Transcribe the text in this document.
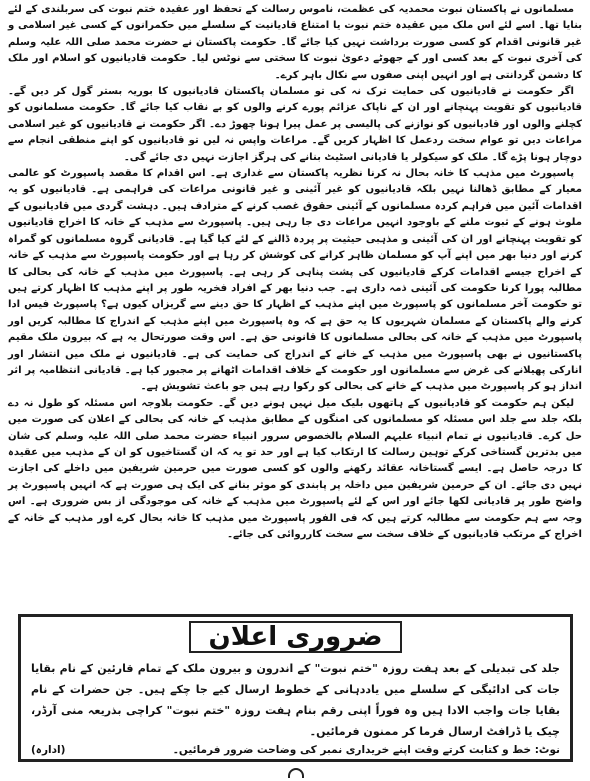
مسلمانوں نے پاکستان نبوت محمدیہ کی عظمت، ناموس رسالت کے تحفظ اور عقیدہ ختم نبوت کی سربلندی کے لئے بنایا تھا۔ اسے لئے اس ملک میں عقیدہ ختم نبوت یا امتناع قادیانیت کے سلسلے میں حکمرانوں کے کسی غیر اسلامی و غیر قانونی اقدام کو کسی صورت برداشت نہیں کیا جائے گا۔ حکومت پاکستان نے حضرت محمد صلی اللہ علیہ وسلم کی آخری نبوت کے بعد کسی اور کے جھوٹے دعویٰ نبوت کا سختی سے نوٹس لیا۔ حکومت قادیانیوں کو اسلام اور ملک کا دشمن گردانتی ہے اور انہیں اپنی صفوں سے نکال باہر کرے۔

اگر حکومت نے قادیانیوں کی حمایت ترک نہ کی تو مسلمان پاکستان قادیانیوں کا بوریہ بستر گول کر دیں گے۔ قادیانیوں کو تقویت پہنچانے اور ان کے ناپاک عزائم پورے کرنے والوں کو بے نقاب کیا جائے گا۔ حکومت مسلمانوں کو کچلنے والوں اور قادیانیوں کو نوازنے کی پالیسی پر عمل پیرا ہونا چھوڑ دے۔ اگر حکومت نے قادیانیوں کو غیر اسلامی مراعات دیں تو عوام سخت ردعمل کا اظہار کریں گے۔ مراعات واپس نہ لیں تو قادیانیوں کو اپنے منطقی انجام سے دوچار ہونا پڑے گا۔ ملک کو سیکولر یا قادیانی اسٹیٹ بنانے کی ہرگز اجازت نہیں دی جائے گی۔

پاسپورٹ میں مذہب کا خانہ بحال نہ کرنا نظریہ پاکستان سے غداری ہے۔ اس اقدام کا مقصد پاسپورٹ کو عالمی معیار کے مطابق ڈھالنا نہیں بلکہ قادیانیوں کو غیر آئینی و غیر قانونی مراعات کی فراہمی ہے۔ قادیانیوں کو یہ اقدامات آئین میں فراہم کردہ مسلمانوں کے آئینی حقوق غصب کرنے کے مترادف ہیں۔ دہشت گردی میں قادیانیوں کے ملوث ہونے کے ثبوت ملنے کے باوجود انہیں مراعات دی جا رہی ہیں۔ پاسپورٹ سے مذہب کے خانہ کا اخراج قادیانیوں کو تقویت پہنچانے اور ان کی آئینی و مذہبی حیثیت پر پردہ ڈالنے کے لئے کیا گیا ہے۔ قادیانی گروہ مسلمانوں کو گمراہ کرنے اور دنیا بھر میں اپنے آپ کو مسلمان ظاہر کرانے کی کوشش کر رہا ہے اور حکومت پاسپورٹ سے مذہب کے خانہ کے اخراج جیسے اقدامات کرکے قادیانیوں کی پشت پناہی کر رہی ہے۔ پاسپورٹ میں مذہب کے خانہ کی بحالی کا مطالبہ پورا کرنا حکومت کی آئینی ذمہ داری ہے۔ جب دنیا بھر کے افراد فخریہ طور پر اپنے مذہب کا اظہار کرتے ہیں تو حکومت آخر مسلمانوں کو پاسپورٹ میں اپنے مذہب کے اظہار کا حق دینے سے گریزاں کیوں ہے؟ پاسپورٹ فیس ادا کرنے والے پاکستان کے مسلمان شہریوں کا یہ حق ہے کہ وہ پاسپورٹ میں اپنے مذہب کے اندراج کا مطالبہ کریں اور پاسپورٹ میں مذہب کے خانہ کی بحالی مسلمانوں کا قانونی حق ہے۔ اس وقت صورتحال یہ ہے کہ بیرون ملک مقیم پاکستانیوں نے بھی پاسپورٹ میں مذہب کے خانے کے اندراج کی حمایت کی ہے۔ قادیانیوں نے ملک میں انتشار اور انارکی پھیلانے کی غرض سے مسلمانوں اور حکومت کے خلاف اقدامات اٹھانے پر مجبور کیا ہے۔ قادیانی انتظامیہ پر اثر انداز ہو کر پاسپورٹ میں مذہب کے خانے کی بحالی کو رکوا رہے ہیں جو باعث تشویش ہے۔

لیکن ہم حکومت کو قادیانیوں کے ہاتھوں بلیک میل نہیں ہونے دیں گے۔ حکومت بلاوجہ اس مسئلہ کو طول نہ دے بلکہ جلد سے جلد اس مسئلہ کو مسلمانوں کی امنگوں کے مطابق مذہب کے خانہ کی بحالی کے اعلان کی صورت میں حل کرے۔ قادیانیوں نے تمام انبیاء علیہم السلام بالخصوص سرور انبیاء حضرت محمد صلی اللہ علیہ وسلم کی شان میں بدترین گستاخی کرکے توہین رسالت کا ارتکاب کیا ہے اور حد تو یہ کہ ان گستاخیوں کو ان کے مذہب میں عقیدہ کا درجہ حاصل ہے۔ ایسے گستاخانہ عقائد رکھنے والوں کو کسی صورت میں حرمین شریفین میں داخلے کی اجازت نہیں دی جائے۔ ان کے حرمین شریفین میں داخلہ پر پابندی کو موثر بنانے کی ایک ہی صورت ہے کہ انہیں پاسپورٹ پر واضح طور پر قادیانی لکھا جائے اور اس کے لئے پاسپورٹ میں مذہب کے خانہ کی موجودگی از بس ضروری ہے۔ اس وجہ سے ہم حکومت سے مطالبہ کرتے ہیں کہ فی الفور پاسپورٹ میں مذہب کا خانہ بحال کرے اور مذہب کے خانہ کے اخراج کے مرتکب قادیانیوں کے خلاف سخت سے سخت کارروائی کی جائے۔

ضروری اعلان

جلد کی تبدیلی کے بعد ہفت روزہ "ختم نبوت" کے اندرون و بیرون ملک کے تمام قارئین کے نام بقایا جات کی ادائیگی کے سلسلے میں یاددہانی کے خطوط ارسال کیے جا چکے ہیں۔ جن حضرات کے نام بقایا جات واجب الادا ہیں وہ فوراً اپنی رقم بنام ہفت روزہ "ختم نبوت" کراچی بذریعہ منی آرڈر، چیک یا ڈرافٹ ارسال فرما کر ممنون فرمائیں۔

نوٹ: خط و کتابت کرتے وقت اپنے خریداری نمبر کی وضاحت ضرور فرمائیں۔
(ادارہ)
